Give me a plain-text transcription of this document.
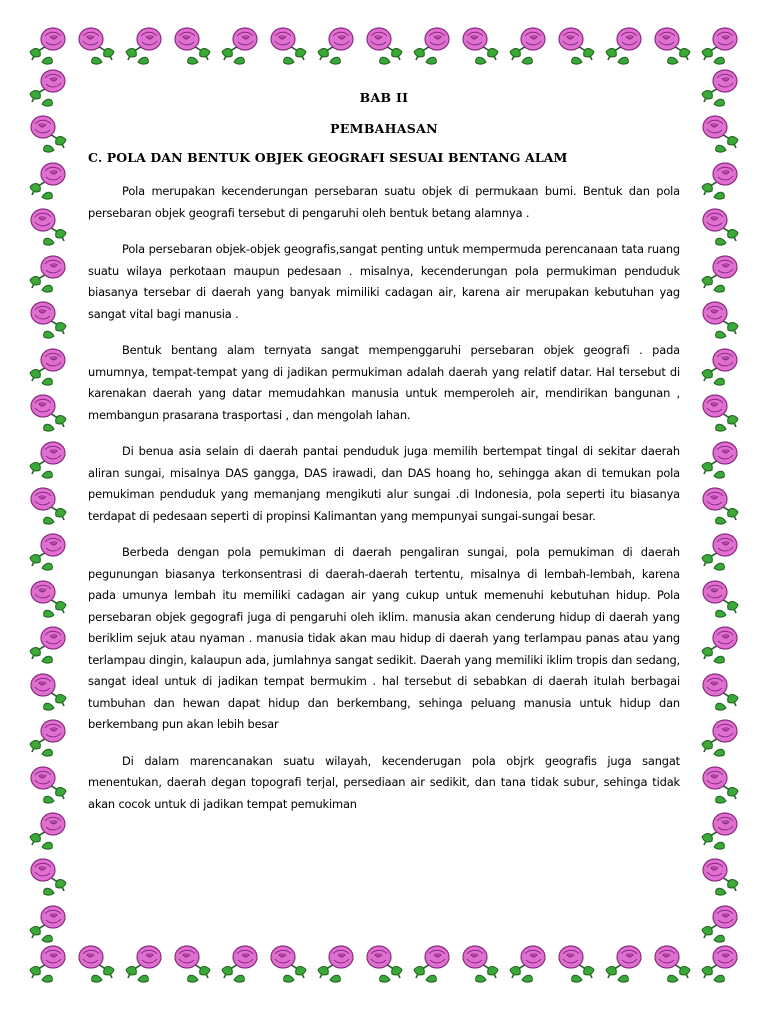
BAB II
PEMBAHASAN
C. POLA DAN BENTUK OBJEK GEOGRAFI SESUAI BENTANG ALAM

Pola merupakan kecenderungan persebaran suatu objek di permukaan bumi. Bentuk dan pola persebaran objek geografi tersebut di pengaruhi oleh bentuk betang alamnya .

Pola persebaran objek-objek geografis,sangat penting untuk mempermuda perencanaan tata ruang suatu wilaya perkotaan maupun pedesaan . misalnya, kecenderungan pola permukiman penduduk biasanya tersebar di daerah yang banyak mimiliki cadagan air, karena air merupakan kebutuhan yag sangat vital bagi manusia .

Bentuk bentang alam ternyata sangat mempenggaruhi persebaran objek geografi . pada umumnya, tempat-tempat yang di jadikan permukiman adalah daerah yang relatif datar. Hal tersebut di karenakan daerah yang datar memudahkan manusia untuk memperoleh air, mendirikan bangunan , membangun prasarana trasportasi , dan mengolah lahan.

Di benua asia selain di daerah pantai penduduk juga memilih bertempat tingal di sekitar daerah aliran sungai, misalnya DAS gangga, DAS irawadi, dan DAS hoang ho, sehingga akan di temukan pola pemukiman penduduk yang memanjang mengikuti alur sungai .di Indonesia, pola seperti itu biasanya terdapat di pedesaan seperti di propinsi Kalimantan yang mempunyai sungai-sungai besar.

Berbeda dengan pola pemukiman di daerah pengaliran sungai, pola pemukiman di daerah pegunungan biasanya terkonsentrasi di daerah-daerah tertentu, misalnya di lembah-lembah, karena pada umunya lembah itu memiliki cadagan air yang cukup untuk memenuhi kebutuhan hidup. Pola persebaran objek gegografi juga di pengaruhi oleh iklim. manusia akan cenderung hidup di daerah yang beriklim sejuk atau nyaman . manusia tidak akan mau hidup di daerah yang terlampau panas atau yang terlampau dingin, kalaupun ada, jumlahnya sangat sedikit. Daerah yang memiliki iklim tropis dan sedang, sangat ideal untuk di jadikan tempat bermukim . hal tersebut di sebabkan di daerah itulah berbagai tumbuhan dan hewan dapat hidup dan berkembang, sehinga peluang manusia untuk hidup dan berkembang pun akan lebih besar

Di dalam marencanakan suatu wilayah, kecenderugan pola objrk geografis juga sangat menentukan, daerah degan topografi terjal, persediaan air sedikit, dan tana tidak subur, sehinga tidak akan cocok untuk di jadikan tempat pemukiman
